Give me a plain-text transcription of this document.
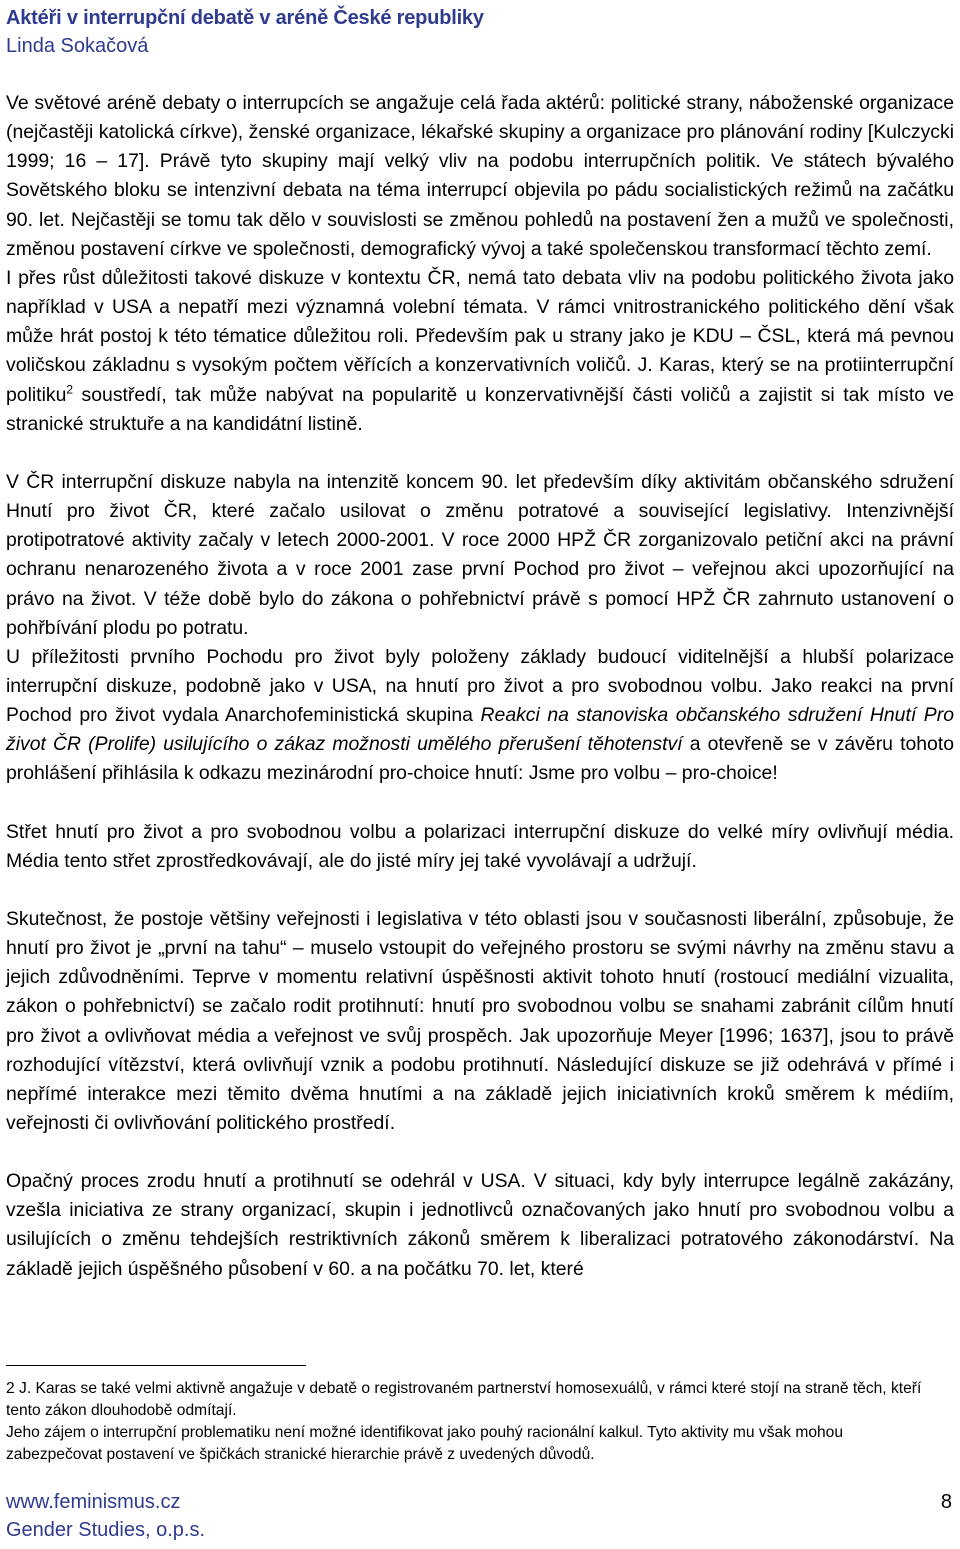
Aktéři v interrupční debatě v aréně České republiky
Linda Sokačová

Ve světové aréně debaty o interrupcích se angažuje celá řada aktérů: politické strany, náboženské organizace (nejčastěji katolická církve), ženské organizace, lékařské skupiny a organizace pro plánování rodiny [Kulczycki 1999; 16 – 17]. Právě tyto skupiny mají velký vliv na podobu interrupčních politik. Ve státech bývalého Sovětského bloku se intenzivní debata na téma interrupcí objevila po pádu socialistických režimů na začátku 90. let. Nejčastěji se tomu tak dělo v souvislosti se změnou pohledů na postavení žen a mužů ve společnosti, změnou postavení církve ve společnosti, demografický vývoj a také společenskou transformací těchto zemí.

I přes růst důležitosti takové diskuze v kontextu ČR, nemá tato debata vliv na podobu politického života jako například v USA a nepatří mezi významná volební témata. V rámci vnitrostranického politického dění však může hrát postoj k této tématice důležitou roli. Především pak u strany jako je KDU – ČSL, která má pevnou voličskou základnu s vysokým počtem věřících a konzervativních voličů. J. Karas, který se na protiinterrupční politiku$^2$ soustředí, tak může nabývat na popularitě u konzervativnější části voličů a zajistit si tak místo ve stranické struktuře a na kandidátní listině.

V ČR interrupční diskuze nabyla na intenzitě koncem 90. let především díky aktivitám občanského sdružení Hnutí pro život ČR, které začalo usilovat o změnu potratové a související legislativy. Intenzivnější protipotratové aktivity začaly v letech 2000-2001. V roce 2000 HPŽ ČR zorganizovalo petiční akci na právní ochranu nenarozeného života a v roce 2001 zase první Pochod pro život – veřejnou akci upozorňující na právo na život. V téže době bylo do zákona o pohřebnictví právě s pomocí HPŽ ČR zahrnuto ustanovení o pohřbívání plodu po potratu.

U příležitosti prvního Pochodu pro život byly položeny základy budoucí viditelnější a hlubší polarizace interrupční diskuze, podobně jako v USA, na hnutí pro život a pro svobodnou volbu. Jako reakci na první Pochod pro život vydala Anarchofeministická skupina Reakci na stanoviska občanského sdružení Hnutí Pro život ČR (Prolife) usilujícího o zákaz možnosti umělého přerušení těhotenství a otevřeně se v závěru tohoto prohlášení přihlásila k odkazu mezinárodní pro-choice hnutí: Jsme pro volbu – pro-choice!

Střet hnutí pro život a pro svobodnou volbu a polarizaci interrupční diskuze do velké míry ovlivňují média. Média tento střet zprostředkovávají, ale do jisté míry jej také vyvolávají a udržují.

Skutečnost, že postoje většiny veřejnosti i legislativa v této oblasti jsou v současnosti liberální, způsobuje, že hnutí pro život je „první na tahu“ – muselo vstoupit do veřejného prostoru se svými návrhy na změnu stavu a jejich zdůvodněními. Teprve v momentu relativní úspěšnosti aktivit tohoto hnutí (rostoucí mediální vizualita, zákon o pohřebnictví) se začalo rodit protihnutí: hnutí pro svobodnou volbu se snahami zabránit cílům hnutí pro život a ovlivňovat média a veřejnost ve svůj prospěch. Jak upozorňuje Meyer [1996; 1637], jsou to právě rozhodující vítězství, která ovlivňují vznik a podobu protihnutí. Následující diskuze se již odehrává v přímé i nepřímé interakce mezi těmito dvěma hnutími a na základě jejich iniciativních kroků směrem k médiím, veřejnosti či ovlivňování politického prostředí.

Opačný proces zrodu hnutí a protihnutí se odehrál v USA. V situaci, kdy byly interrupce legálně zakázány, vzešla iniciativa ze strany organizací, skupin i jednotlivců označovaných jako hnutí pro svobodnou volbu a usilujících o změnu tehdejších restriktivních zákonů směrem k liberalizaci potratového zákonodárství. Na základě jejich úspěšného působení v 60. a na počátku 70. let, které

2 J. Karas se také velmi aktivně angažuje v debatě o registrovaném partnerství homosexuálů, v rámci které stojí na straně těch, kteří tento zákon dlouhodobě odmítají.

Jeho zájem o interrupční problematiku není možné identifikovat jako pouhý racionální kalkul. Tyto aktivity mu však mohou zabezpečovat postavení ve špičkách stranické hierarchie právě z uvedených důvodů.

www.feminismus.cz
Gender Studies, o.p.s.
8
